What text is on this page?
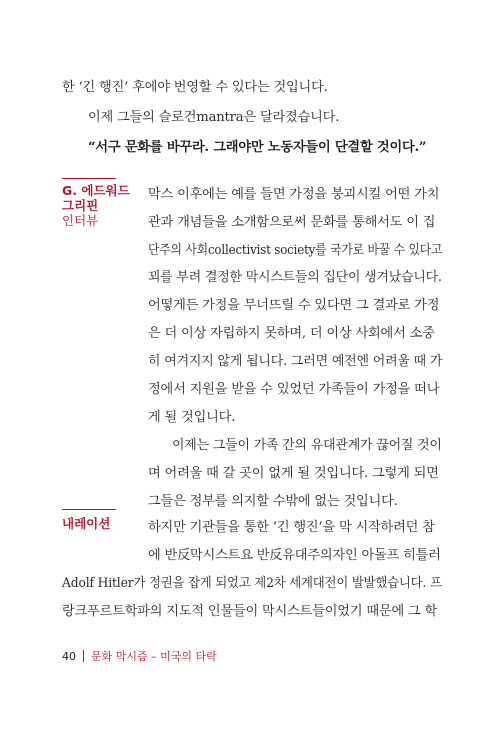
한 ‘긴 행진’ 후에야 번영할 수 있다는 것입니다.
이제 그들의 슬로건mantra은 달라졌습니다.
“서구 문화를 바꾸라. 그래야만 노동자들이 단결할 것이다.”
G. 에드워드
그리핀
인터뷰
막스 이후에는 예를 들면 가정을 붕괴시킬 어떤 가치
관과 개념들을 소개함으로써 문화를 통해서도 이 집
단주의 사회collectivist society를 국가로 바꿀 수 있다고
꾀를 부려 결정한 막시스트들의 집단이 생겨났습니다.
어떻게든 가정을 무너뜨릴 수 있다면 그 결과로 가정
은 더 이상 자립하지 못하며, 더 이상 사회에서 소중
히 여겨지지 않게 됩니다. 그러면 예전엔 어려울 때 가
정에서 지원을 받을 수 있었던 가족들이 가정을 떠나
게 될 것입니다.
이제는 그들이 가족 간의 유대관계가 끊어질 것이
며 어려울 때 갈 곳이 없게 될 것입니다. 그렇게 되면
그들은 정부를 의지할 수밖에 없는 것입니다.
내레이션	하지만 기관들을 통한 ‘긴 행진’을 막 시작하려던 참
에 반反막시스트요 반反유대주의자인 아돌프 히틀러
Adolf Hitler가 정권을 잡게 되었고 제2차 세계대전이 발발했습니다. 프
랑크푸르트학파의 지도적 인물들이 막시스트들이었기 때문에 그 학
40 문화 막시즘 – 미국의 타락
